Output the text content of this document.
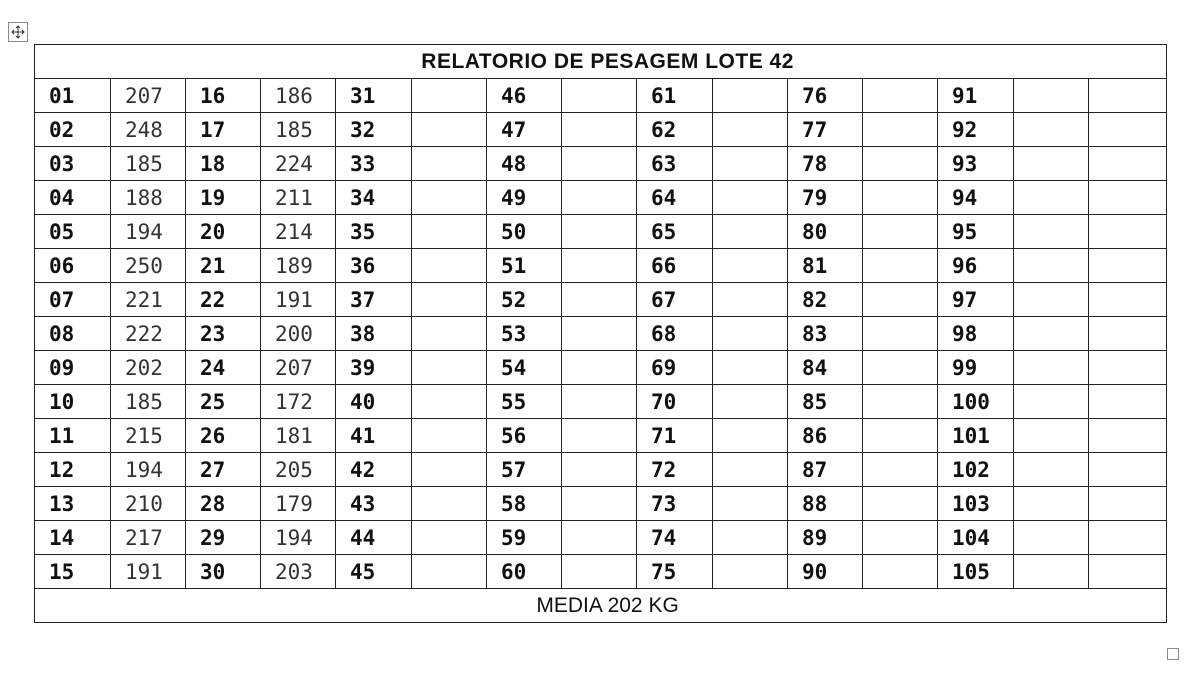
RELATORIO DE PESAGEM LOTE 42														
01	207	16	186	31		46		61		76		91		
02	248	17	185	32		47		62		77		92		
03	185	18	224	33		48		63		78		93		
04	188	19	211	34		49		64		79		94		
05	194	20	214	35		50		65		80		95		
06	250	21	189	36		51		66		81		96		
07	221	22	191	37		52		67		82		97		
08	222	23	200	38		53		68		83		98		
09	202	24	207	39		54		69		84		99		
10	185	25	172	40		55		70		85		100		
11	215	26	181	41		56		71		86		101		
12	194	27	205	42		57		72		87		102		
13	210	28	179	43		58		73		88		103		
14	217	29	194	44		59		74		89		104		
15	191	30	203	45		60		75		90		105		
MEDIA 202 KG														
